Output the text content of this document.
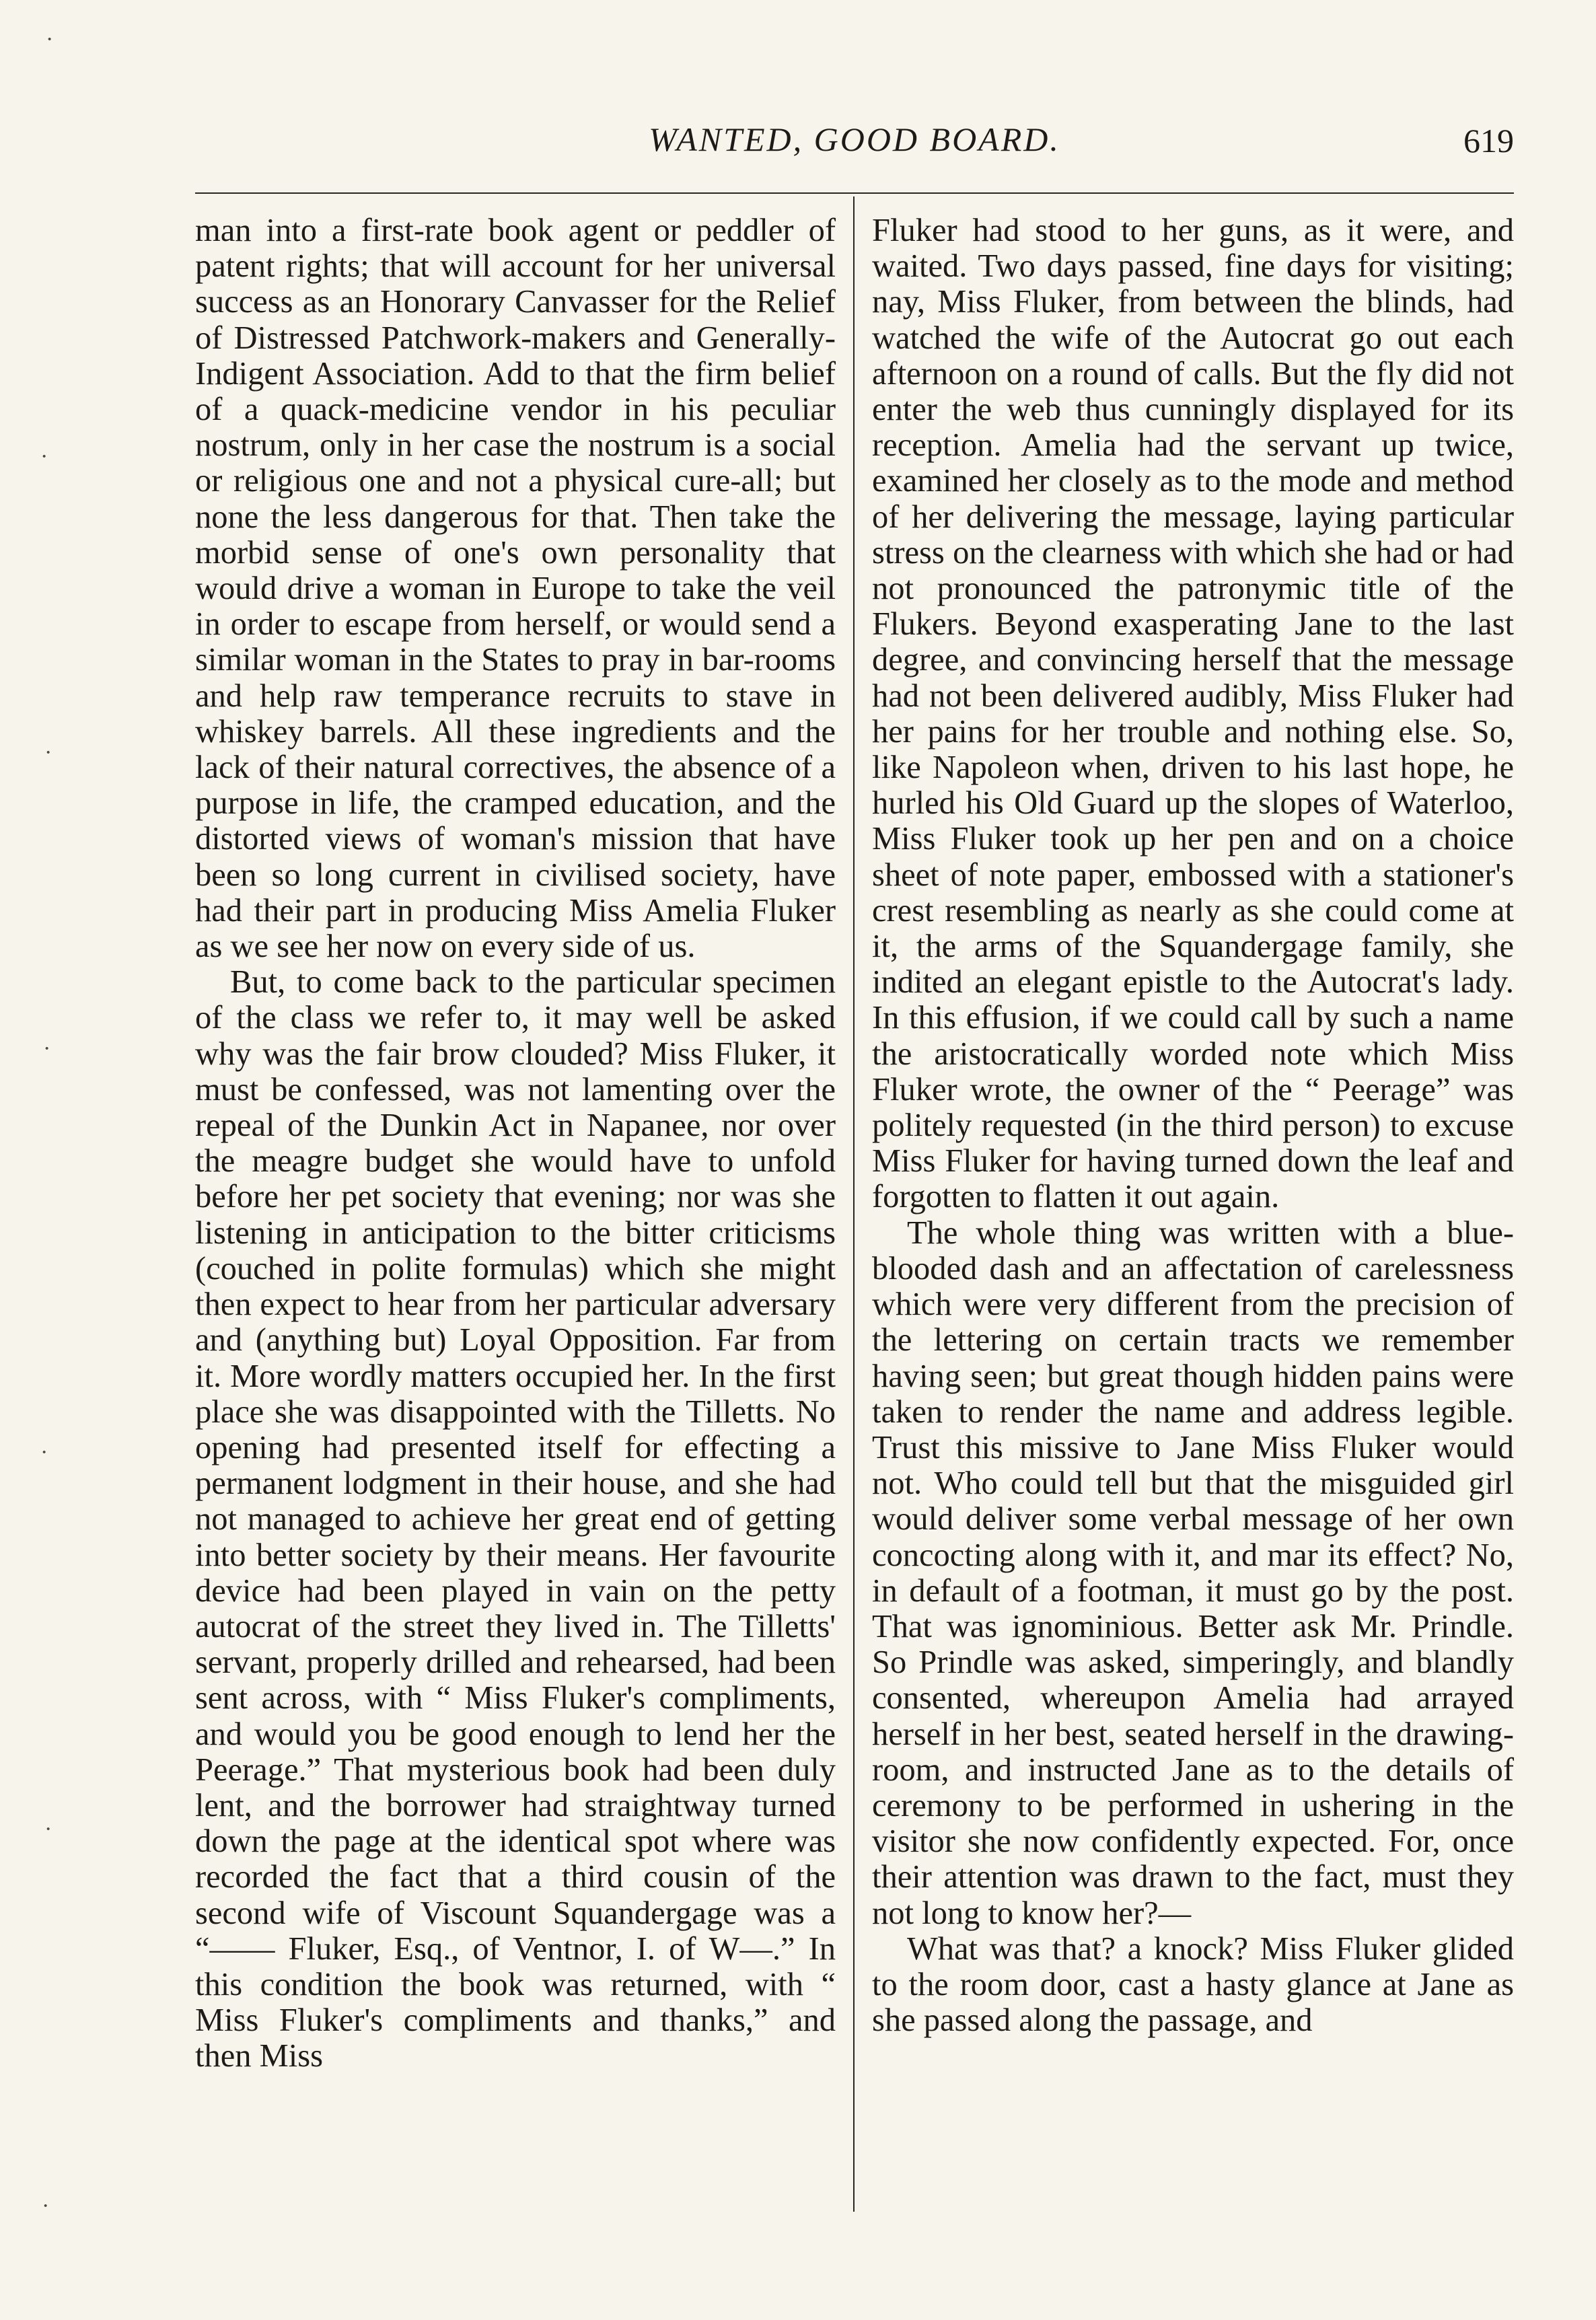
·
·
·
·
·
·
·
WANTED, GOOD BOARD.	619

man into a first-rate book agent or peddler of patent rights; that will account for her universal success as an Honorary Canvasser for the Relief of Distressed Patchwork-makers and Generally-Indigent Association. Add to that the firm belief of a quack-medicine vendor in his peculiar nostrum, only in her case the nostrum is a social or religious one and not a physical cure-all; but none the less dangerous for that. Then take the morbid sense of one's own personality that would drive a woman in Europe to take the veil in order to escape from herself, or would send a similar woman in the States to pray in bar-rooms and help raw temperance recruits to stave in whiskey barrels. All these ingredients and the lack of their natural correctives, the absence of a purpose in life, the cramped education, and the distorted views of woman's mission that have been so long current in civilised society, have had their part in producing Miss Amelia Fluker as we see her now on every side of us.

But, to come back to the particular specimen of the class we refer to, it may well be asked why was the fair brow clouded? Miss Fluker, it must be confessed, was not lamenting over the repeal of the Dunkin Act in Napanee, nor over the meagre budget she would have to unfold before her pet society that evening; nor was she listening in anticipation to the bitter criticisms (couched in polite formulas) which she might then expect to hear from her particular adversary and (anything but) Loyal Opposition. Far from it. More wordly matters occupied her. In the first place she was disappointed with the Tilletts. No opening had presented itself for effecting a permanent lodgment in their house, and she had not managed to achieve her great end of getting into better society by their means. Her favourite device had been played in vain on the petty autocrat of the street they lived in. The Tilletts' servant, properly drilled and rehearsed, had been sent across, with “ Miss Fluker's compliments, and would you be good enough to lend her the Peerage.” That mysterious book had been duly lent, and the borrower had straightway turned down the page at the identical spot where was recorded the fact that a third cousin of the second wife of Viscount Squandergage was a “—— Fluker, Esq., of Ventnor, I. of W—.” In this condition the book was returned, with “ Miss Fluker's compliments and thanks,” and then Miss

Fluker had stood to her guns, as it were, and waited. Two days passed, fine days for visiting; nay, Miss Fluker, from between the blinds, had watched the wife of the Autocrat go out each afternoon on a round of calls. But the fly did not enter the web thus cunningly displayed for its reception. Amelia had the servant up twice, examined her closely as to the mode and method of her delivering the message, laying particular stress on the clearness with which she had or had not pronounced the patronymic title of the Flukers. Beyond exasperating Jane to the last degree, and convincing herself that the message had not been delivered audibly, Miss Fluker had her pains for her trouble and nothing else. So, like Napoleon when, driven to his last hope, he hurled his Old Guard up the slopes of Waterloo, Miss Fluker took up her pen and on a choice sheet of note paper, embossed with a stationer's crest resembling as nearly as she could come at it, the arms of the Squandergage family, she indited an elegant epistle to the Autocrat's lady. In this effusion, if we could call by such a name the aristocratically worded note which Miss Fluker wrote, the owner of the “ Peerage” was politely requested (in the third person) to excuse Miss Fluker for having turned down the leaf and forgotten to flatten it out again.

The whole thing was written with a blue-blooded dash and an affectation of carelessness which were very different from the precision of the lettering on certain tracts we remember having seen; but great though hidden pains were taken to render the name and address legible. Trust this missive to Jane Miss Fluker would not. Who could tell but that the misguided girl would deliver some verbal message of her own concocting along with it, and mar its effect? No, in default of a footman, it must go by the post. That was ignominious. Better ask Mr. Prindle. So Prindle was asked, simperingly, and blandly consented, whereupon Amelia had arrayed herself in her best, seated herself in the drawing-room, and instructed Jane as to the details of ceremony to be performed in ushering in the visitor she now confidently expected. For, once their attention was drawn to the fact, must they not long to know her?—

What was that? a knock? Miss Fluker glided to the room door, cast a hasty glance at Jane as she passed along the passage, and
